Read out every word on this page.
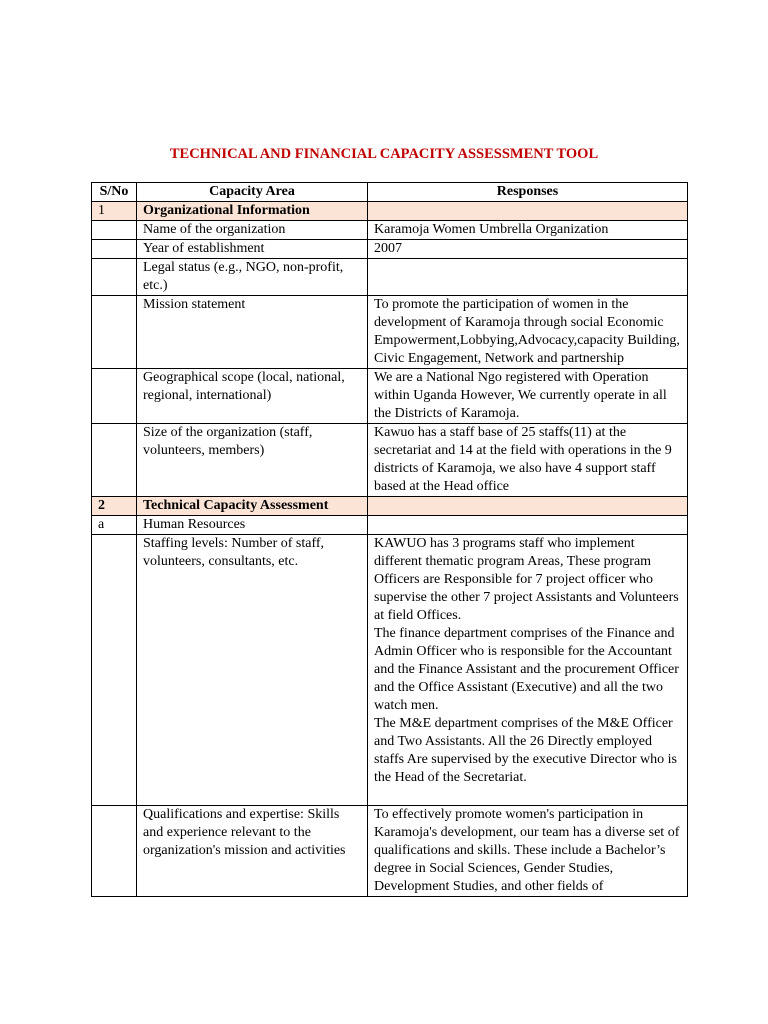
TECHNICAL AND FINANCIAL CAPACITY ASSESSMENT TOOL
S/No	Capacity Area	Responses
1	Organizational Information	
	Name of the organization	Karamoja Women Umbrella Organization
	Year of establishment	2007
	Legal status (e.g., NGO, non-profit, etc.)	
	Mission statement	To promote the participation of women in the development of Karamoja through social Economic Empowerment,Lobbying,Advocacy,capacity Building, Civic Engagement, Network and partnership
	Geographical scope (local, national, regional, international)	We are a National Ngo registered with Operation within Uganda However, We currently operate in all the Districts of Karamoja.
	Size of the organization (staff, volunteers, members)	Kawuo has a staff base of 25 staffs(11) at the secretariat and 14 at the field with operations in the 9 districts of Karamoja, we also have 4 support staff based at the Head office
2	Technical Capacity Assessment	
a	Human Resources	
	Staffing levels: Number of staff, volunteers, consultants, etc.	KAWUO has 3 programs staff who implement different thematic program Areas, These program Officers are Responsible for 7 project officer who supervise the other 7 project Assistants and Volunteers at field Offices.
The finance department comprises of the Finance and Admin Officer who is responsible for the Accountant and the Finance Assistant and the procurement Officer and the Office Assistant (Executive) and all the two watch men.
The M&E department comprises of the M&E Officer and Two Assistants. All the 26 Directly employed staffs Are supervised by the executive Director who is the Head of the Secretariat.
	Qualifications and expertise: Skills and experience relevant to the organization's mission and activities	To effectively promote women's participation in Karamoja's development, our team has a diverse set of qualifications and skills. These include a Bachelor’s degree in Social Sciences, Gender Studies, Development Studies, and other fields of
